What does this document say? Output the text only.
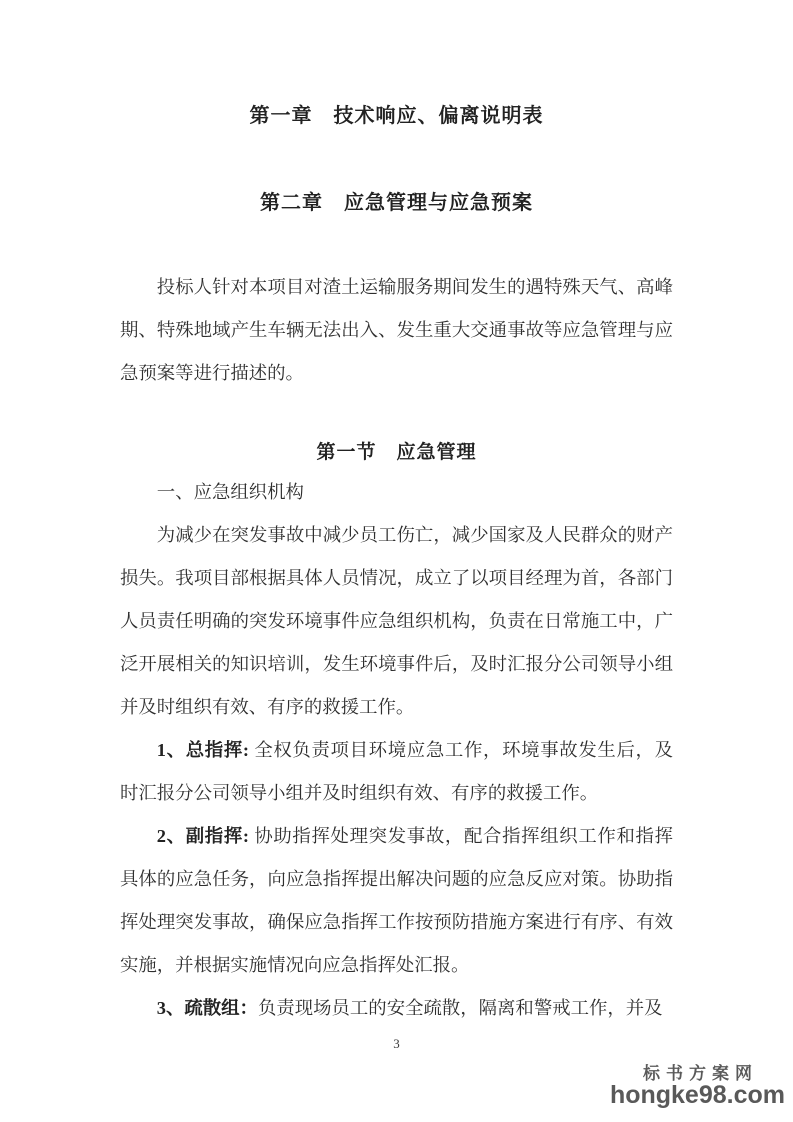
第一章　技术响应、偏离说明表
第二章　应急管理与应急预案

投标人针对本项目对渣土运输服务期间发生的遇特殊天气、高峰期、特殊地域产生车辆无法出入、发生重大交通事故等应急管理与应急预案等进行描述的。

第一节　应急管理

一、应急组织机构

为减少在突发事故中减少员工伤亡，减少国家及人民群众的财产损失。我项目部根据具体人员情况，成立了以项目经理为首，各部门人员责任明确的突发环境事件应急组织机构，负责在日常施工中，广泛开展相关的知识培训，发生环境事件后，及时汇报分公司领导小组并及时组织有效、有序的救援工作。

1、总指挥: 全权负责项目环境应急工作，环境事故发生后，及时汇报分公司领导小组并及时组织有效、有序的救援工作。

2、副指挥: 协助指挥处理突发事故，配合指挥组织工作和指挥具体的应急任务，向应急指挥提出解决问题的应急反应对策。协助指挥处理突发事故，确保应急指挥工作按预防措施方案进行有序、有效实施，并根据实施情况向应急指挥处汇报。

3、疏散组：负责现场员工的安全疏散，隔离和警戒工作，并及

3
标书方案网
hongke98.com
